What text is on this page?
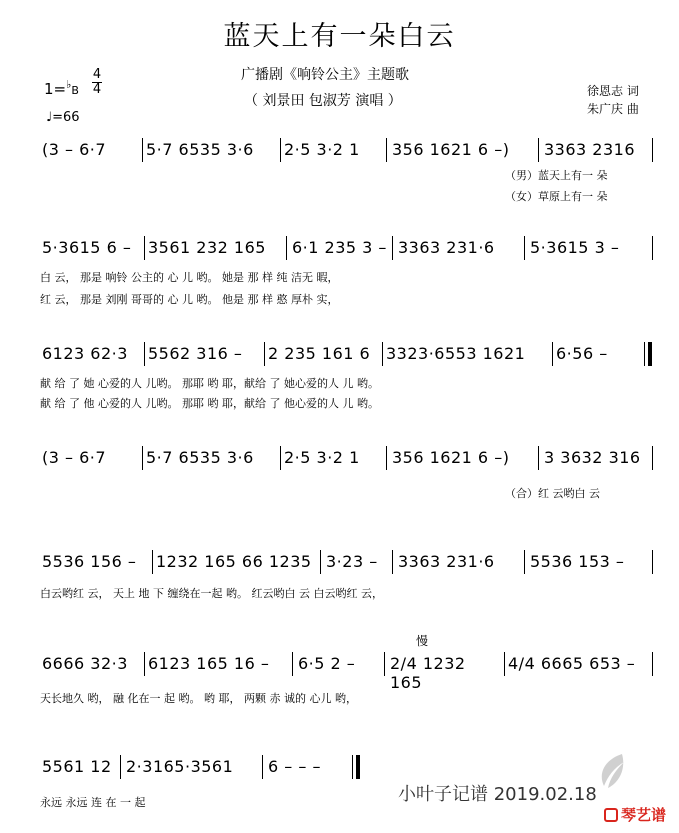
蓝天上有一朵白云
广播剧《响铃公主》主题歌
（ 刘景田 包淑芳 演唱 ）
1=♭B
4
4
♩=66
徐恩志 词
朱广庆 曲
(3 – 6·7	5·7 6535 3·6	2·5 3·2 1	356 1621 6 –)	3363 2316
（男）蓝天上有一 朵
（女）草原上有一 朵
5·3615 6 –	3561 232 165	6·1 235 3 – 3363 231·6	5·3615 3 –
白 云， 那是 响铃 公主的 心 儿 哟。 她是 那 样 纯 洁无 暇，
红 云， 那是 刘刚 哥哥的 心 儿 哟。 他是 那 样 憨 厚朴 实，
6123 62·3	5562 316 –	2 235 161 6 3323·6553 1621	6·56 –
献 给 了 她 心爱的人 儿哟。 那耶 哟 耶，献给 了 她心爱的人 儿 哟。
献 给 了 他 心爱的人 儿哟。 那耶 哟 耶，献给 了 他心爱的人 儿 哟。
(3 – 6·7	5·7 6535 3·6	2·5 3·2 1	356 1621 6 –)	3 3632 316
（合）红 云哟白 云
5536 156 –	1232 165 66 1235 3·23 –	3363 231·6	5536 153 –
白云哟红 云， 天上 地 下 缠绕在一起 哟。 红云哟白 云 白云哟红 云，
慢
6666 32·3	6123 165 16 –	6·5 2 –	2/4 1232 165
4/4 6665 653 –
天长地久 哟， 融 化在一 起 哟。 哟 耶， 两颗 赤 诚的 心儿 哟，
5561 12 2·3165·3561	6 – – –
永远 永远 连 在 一 起	小叶子记谱 2019.02.18
琴艺谱
